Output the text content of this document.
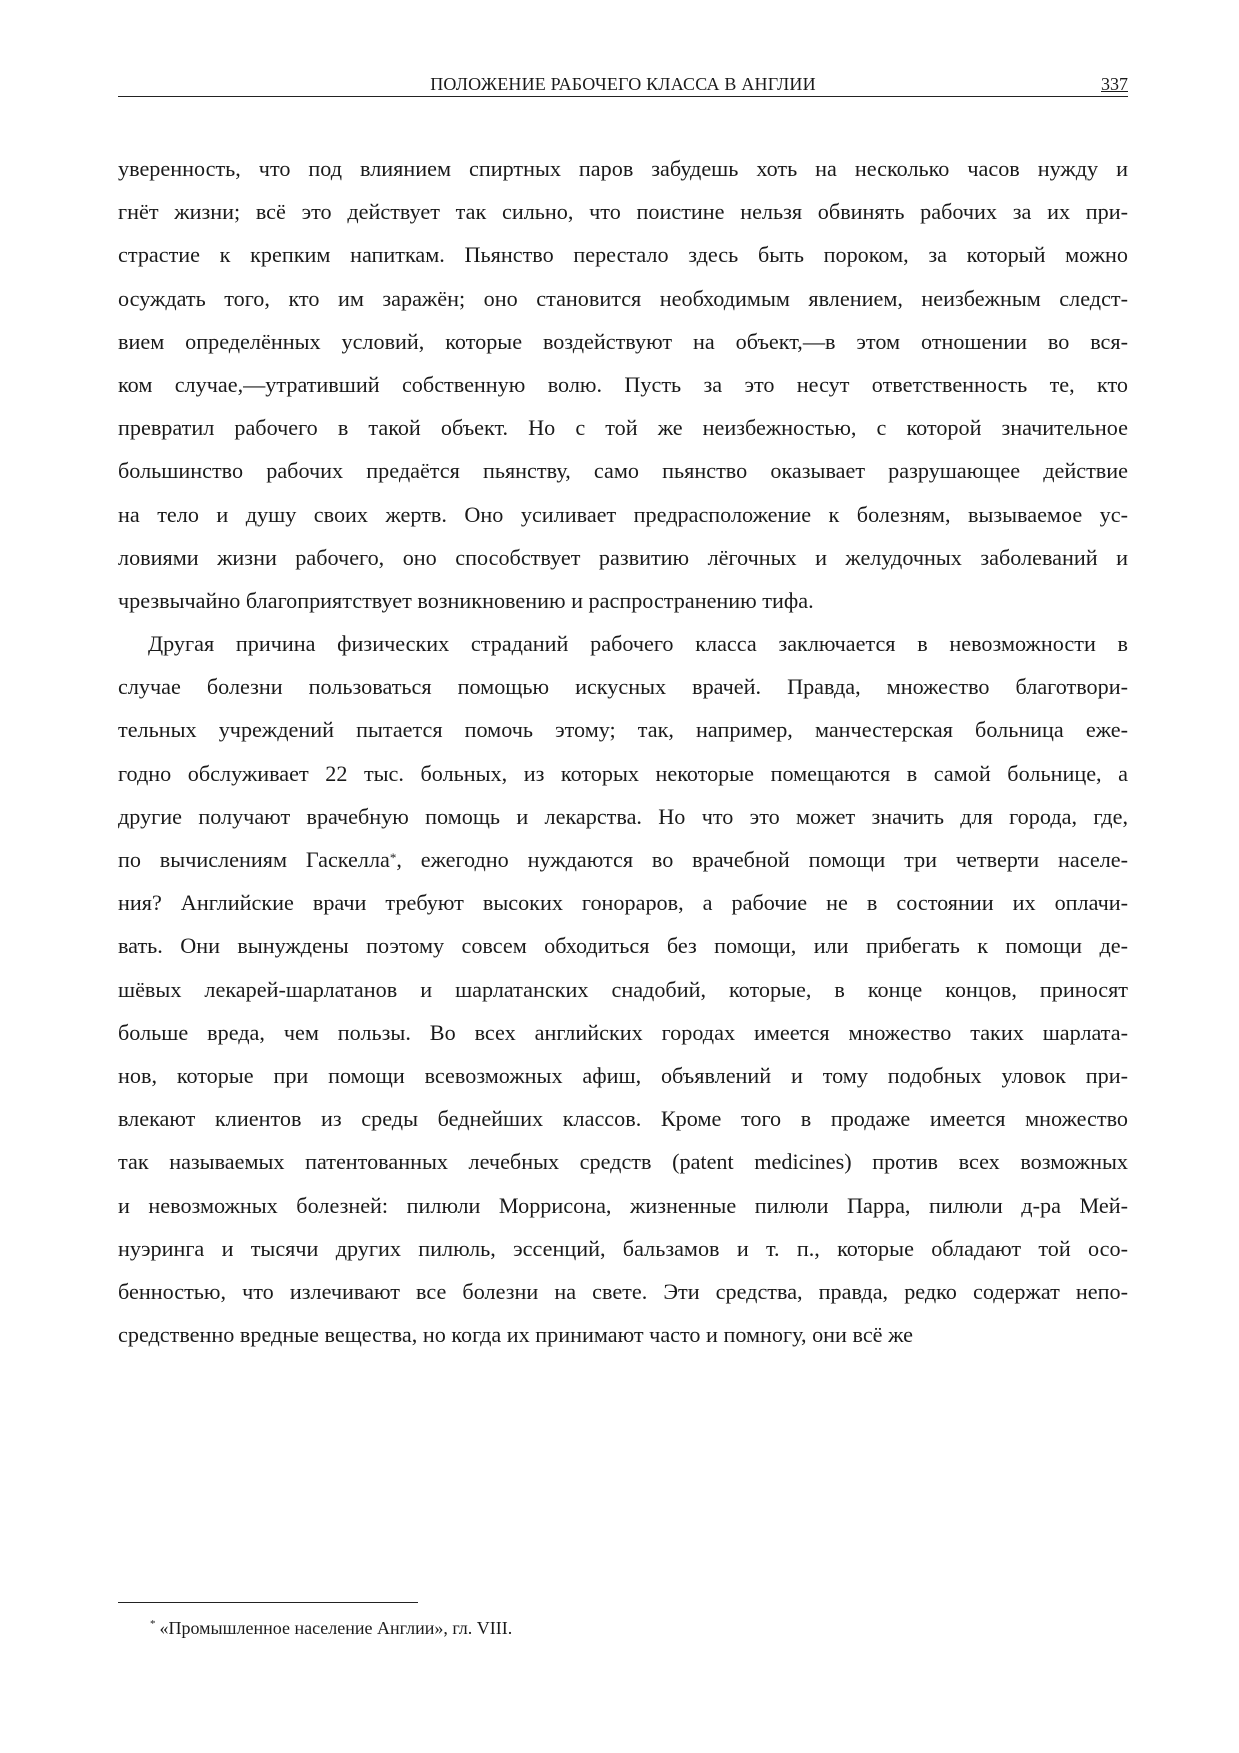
ПОЛОЖЕНИЕ РАБОЧЕГО КЛАССА В АНГЛИИ	337
уверенность, что под влиянием спиртных паров забудешь хоть на несколько часов нужду и
гнёт жизни; всё это действует так сильно, что поистине нельзя обвинять рабочих за их при-
страстие к крепким напиткам. Пьянство перестало здесь быть пороком, за который можно
осуждать того, кто им заражён; оно становится необходимым явлением, неизбежным следст-
вием определённых условий, которые воздействуют на объект,—в этом отношении во вся-
ком случае,—утративший собственную волю. Пусть за это несут ответственность те, кто
превратил рабочего в такой объект. Но с той же неизбежностью, с которой значительное
большинство рабочих предаётся пьянству, само пьянство оказывает разрушающее действие
на тело и душу своих жертв. Оно усиливает предрасположение к болезням, вызываемое ус-
ловиями жизни рабочего, оно способствует развитию лёгочных и желудочных заболеваний и
чрезвычайно благоприятствует возникновению и распространению тифа.
Другая причина физических страданий рабочего класса заключается в невозможности в
случае болезни пользоваться помощью искусных врачей. Правда, множество благотвори-
тельных учреждений пытается помочь этому; так, например, манчестерская больница еже-
годно обслуживает 22 тыс. больных, из которых некоторые помещаются в самой больнице, а
другие получают врачебную помощь и лекарства. Но что это может значить для города, где,
по вычислениям Гаскелла*, ежегодно нуждаются во врачебной помощи три четверти населе-
ния? Английские врачи требуют высоких гонораров, а рабочие не в состоянии их оплачи-
вать. Они вынуждены поэтому совсем обходиться без помощи, или прибегать к помощи де-
шёвых лекарей-шарлатанов и шарлатанских снадобий, которые, в конце концов, приносят
больше вреда, чем пользы. Во всех английских городах имеется множество таких шарлата-
нов, которые при помощи всевозможных афиш, объявлений и тому подобных уловок при-
влекают клиентов из среды беднейших классов. Кроме того в продаже имеется множество
так называемых патентованных лечебных средств (patent medicines) против всех возможных
и невозможных болезней: пилюли Моррисона, жизненные пилюли Парра, пилюли д-ра Мей-
нуэринга и тысячи других пилюль, эссенций, бальзамов и т. п., которые обладают той осо-
бенностью, что излечивают все болезни на свете. Эти средства, правда, редко содержат непо-
средственно вредные вещества, но когда их принимают часто и помногу, они всё же
* «Промышленное население Англии», гл. VIII.
